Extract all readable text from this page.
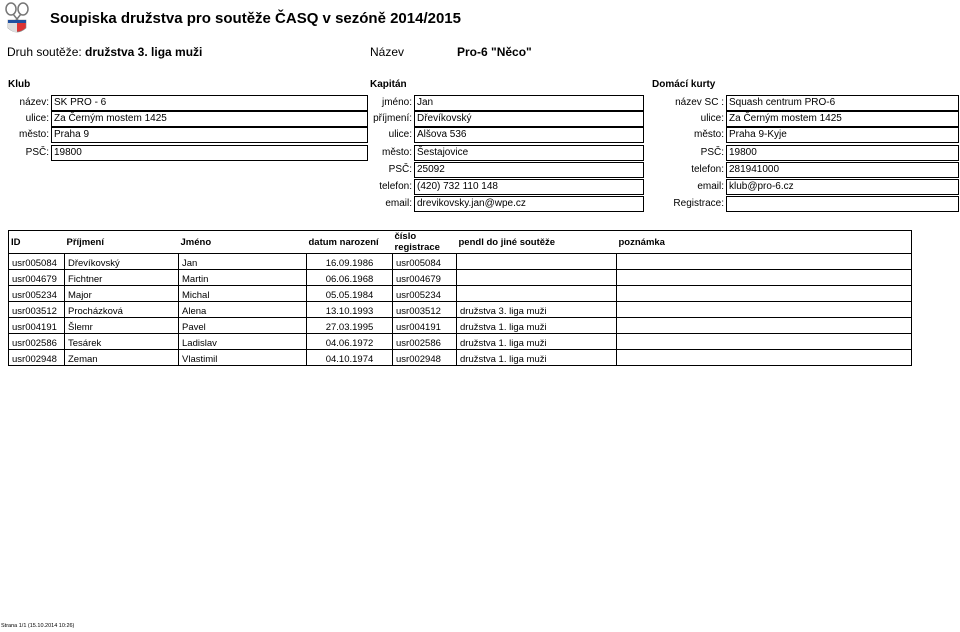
Soupiska družstva pro soutěže ČASQ v sezóně 2014/2015
Druh soutěže: družstva 3. liga muži	Název	Pro-6 "Něco"
Klub	Kapitán	Domácí kurty
název: SK PRO - 6
ulice: Za Černým mostem 1425
město: Praha 9
PSČ: 19800
jméno: Jan
příjmení: Dřevíkovský
ulice: Alšova 536
město: Šestajovice
PSČ: 25092
telefon: (420) 732 110 148
email: drevikovsky.jan@wpe.cz
název SC : Squash centrum PRO-6
ulice: Za Černým mostem 1425
město: Praha 9-Kyje
PSČ: 19800
telefon: 281941000
email: klub@pro-6.cz
Registrace:
ID	Příjmení	Jméno	datum narození	číslo registrace	pendl do jiné soutěže	poznámka
usr005084	Dřevíkovský	Jan	16.09.1986	usr005084		
usr004679	Fichtner	Martin	06.06.1968	usr004679		
usr005234	Major	Michal	05.05.1984	usr005234		
usr003512	Procházková	Alena	13.10.1993	usr003512	družstva 3. liga muži	
usr004191	Šlemr	Pavel	27.03.1995	usr004191	družstva 1. liga muži	
usr002586	Tesárek	Ladislav	04.06.1972	usr002586	družstva 1. liga muži	
usr002948	Zeman	Vlastimil	04.10.1974	usr002948	družstva 1. liga muži	
Strana 1/1 (15.10.2014 10:26)
